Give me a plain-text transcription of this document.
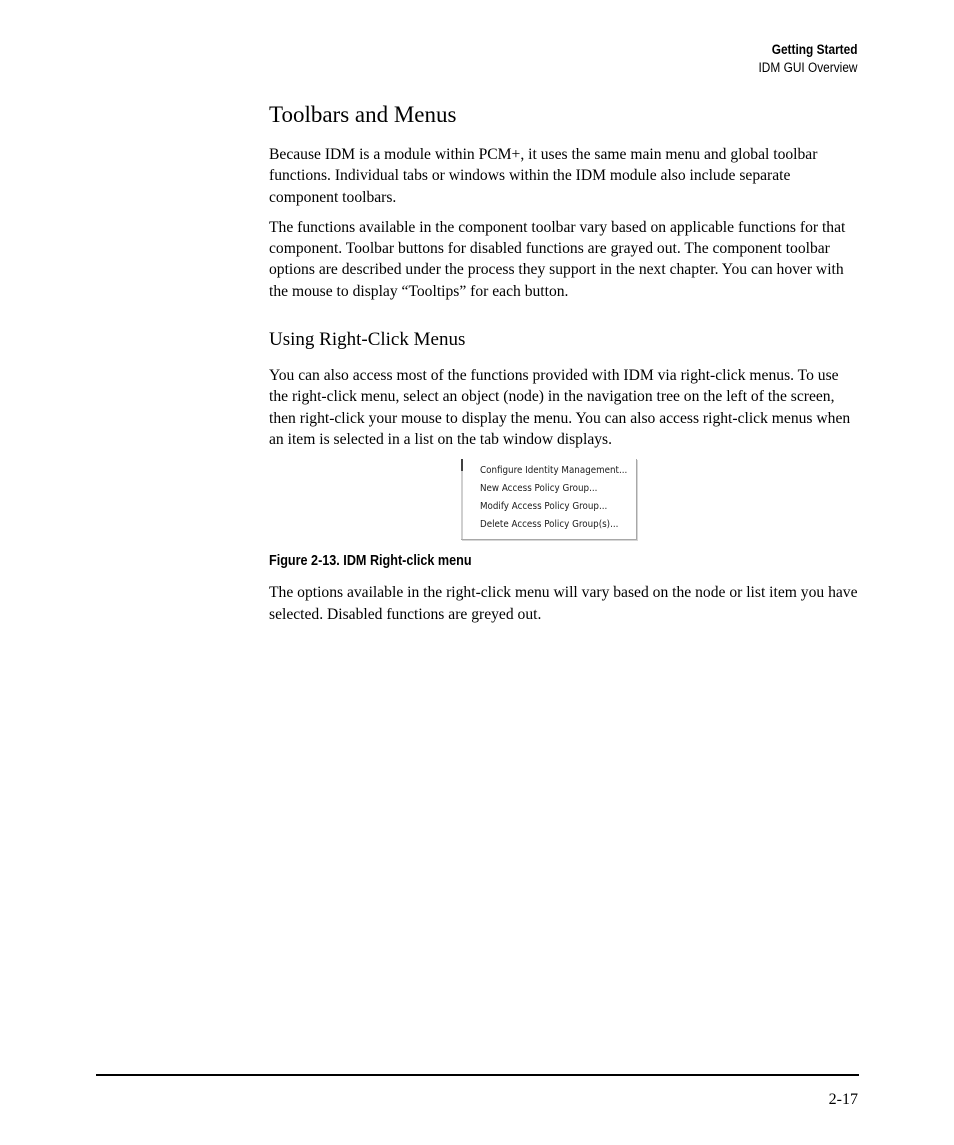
Getting Started
IDM GUI Overview
Toolbars and Menus

Because IDM is a module within PCM+, it uses the same main menu and global toolbar functions. Individual tabs or windows within the IDM module also include separate component toolbars.

The functions available in the component toolbar vary based on applicable functions for that component. Toolbar buttons for disabled functions are grayed out. The component toolbar options are described under the process they support in the next chapter. You can hover with the mouse to display “Tooltips” for each button.

Using Right-Click Menus

You can also access most of the functions provided with IDM via right-click menus. To use the right-click menu, select an object (node) in the navigation tree on the left of the screen, then right-click your mouse to display the menu. You can also access right-click menus when an item is selected in a list on the tab window displays.

Configure Identity Management...
New Access Policy Group...
Modify Access Policy Group...
Delete Access Policy Group(s)...
Figure 2-13. IDM Right-click menu

The options available in the right-click menu will vary based on the node or list item you have selected. Disabled functions are greyed out.

2-17
